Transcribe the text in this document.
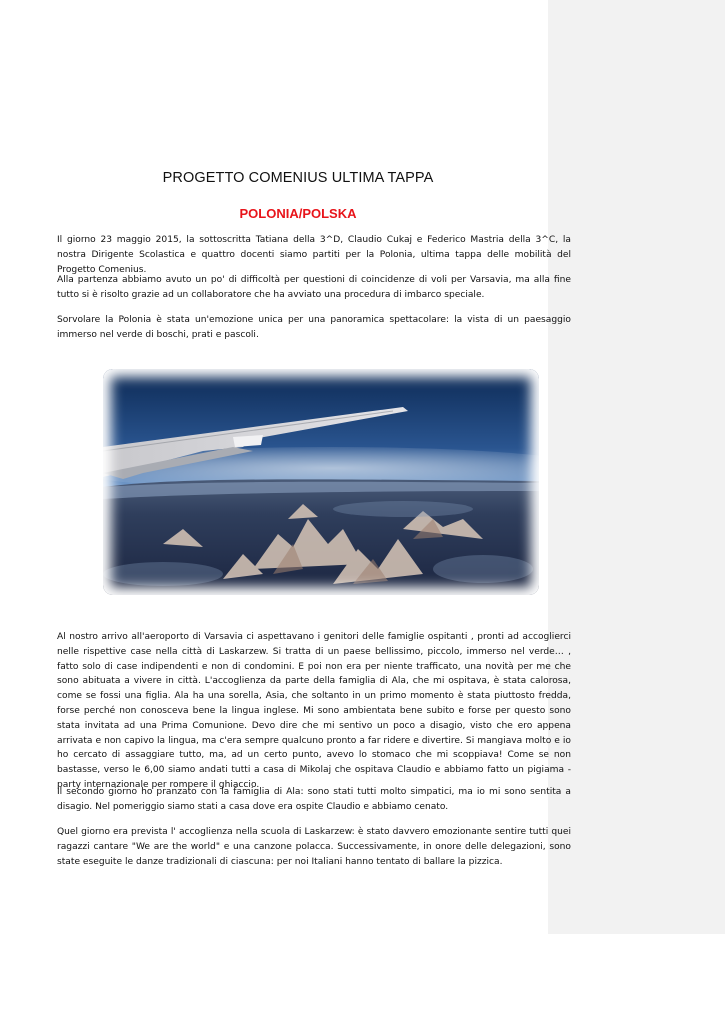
PROGETTO COMENIUS ULTIMA TAPPA
POLONIA/POLSKA

Il giorno 23 maggio 2015, la sottoscritta Tatiana della 3^D, Claudio Cukaj e Federico Mastria della 3^C, la nostra Dirigente Scolastica e quattro docenti siamo partiti per la Polonia, ultima tappa delle mobilità del Progetto Comenius.

Alla partenza abbiamo avuto un po' di difficoltà per questioni di coincidenze di voli per Varsavia, ma alla fine tutto si è risolto grazie ad un collaboratore che ha avviato una procedura di imbarco speciale.

Sorvolare la Polonia è stata un'emozione unica per una panoramica spettacolare: la vista di un paesaggio immerso nel verde di boschi, prati e pascoli.

Al nostro arrivo all'aeroporto di Varsavia ci aspettavano i genitori delle famiglie ospitanti , pronti ad accoglierci nelle rispettive case nella città di Laskarzew. Si tratta di un paese bellissimo, piccolo, immerso nel verde… , fatto solo di case indipendenti e non di condomini. E poi non era per niente trafficato, una novità per me che sono abituata a vivere in città. L'accoglienza da parte della famiglia di Ala, che mi ospitava, è stata calorosa, come se fossi una figlia. Ala ha una sorella, Asia, che soltanto in un primo momento è stata piuttosto fredda, forse perché non conosceva bene la lingua inglese. Mi sono ambientata bene subito e forse per questo sono stata invitata ad una Prima Comunione. Devo dire che mi sentivo un poco a disagio, visto che ero appena arrivata e non capivo la lingua, ma c'era sempre qualcuno pronto a far ridere e divertire. Si mangiava molto e io ho cercato di assaggiare tutto, ma, ad un certo punto, avevo lo stomaco che mi scoppiava! Come se non bastasse, verso le 6,00 siamo andati tutti a casa di Mikolaj che ospitava Claudio e abbiamo fatto un pigiama - party internazionale per rompere il ghiaccio.

Il secondo giorno ho pranzato con la famiglia di Ala: sono stati tutti molto simpatici, ma io mi sono sentita a disagio. Nel pomeriggio siamo stati a casa dove era ospite Claudio e abbiamo cenato.

Quel giorno era prevista l' accoglienza nella scuola di Laskarzew: è stato davvero emozionante sentire tutti quei ragazzi cantare "We are the world" e una canzone polacca. Successivamente, in onore delle delegazioni, sono state eseguite le danze tradizionali di ciascuna: per noi Italiani hanno tentato di ballare la pizzica.
